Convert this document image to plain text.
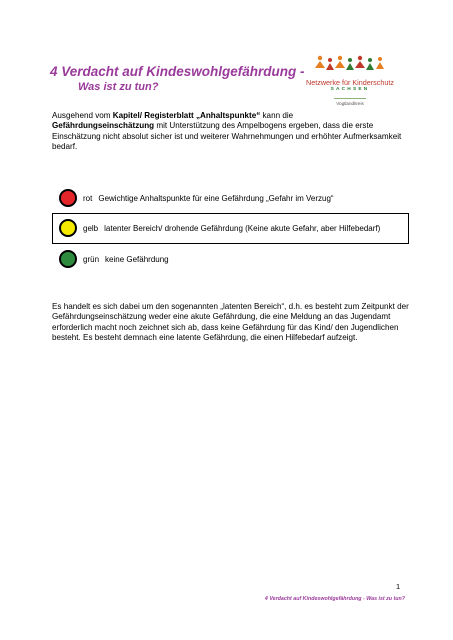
4 Verdacht auf Kindeswohlgefährdung -
Was ist zu tun?	Netzwerke für Kinderschutz
SACHSEN
Vogtlandkreis
Ausgehend vom Kapitel/ Registerblatt „Anhaltspunkte“ kann die
Gefährdungseinschätzung mit Unterstützung des Ampelbogens ergeben, dass die erste Einschätzung nicht absolut sicher ist und weiterer Wahrnehmungen und erhöhter Aufmerksamkeit bedarf.
rot Gewichtige Anhaltspunkte für eine Gefährdung „Gefahr im Verzug“
gelb latenter Bereich/ drohende Gefährdung (Keine akute Gefahr, aber Hilfebedarf)
grün keine Gefährdung
Es handelt es sich dabei um den sogenannten „latenten Bereich“, d.h. es besteht zum Zeitpunkt der Gefährdungseinschätzung weder eine akute Gefährdung, die eine Meldung an das Jugendamt erforderlich macht noch zeichnet sich ab, dass keine Gefährdung für das Kind/ den Jugendlichen besteht. Es besteht demnach eine latente Gefährdung, die einen Hilfebedarf aufzeigt.
1
4 Verdacht auf Kindeswohlgefährdung - Was ist zu tun?
